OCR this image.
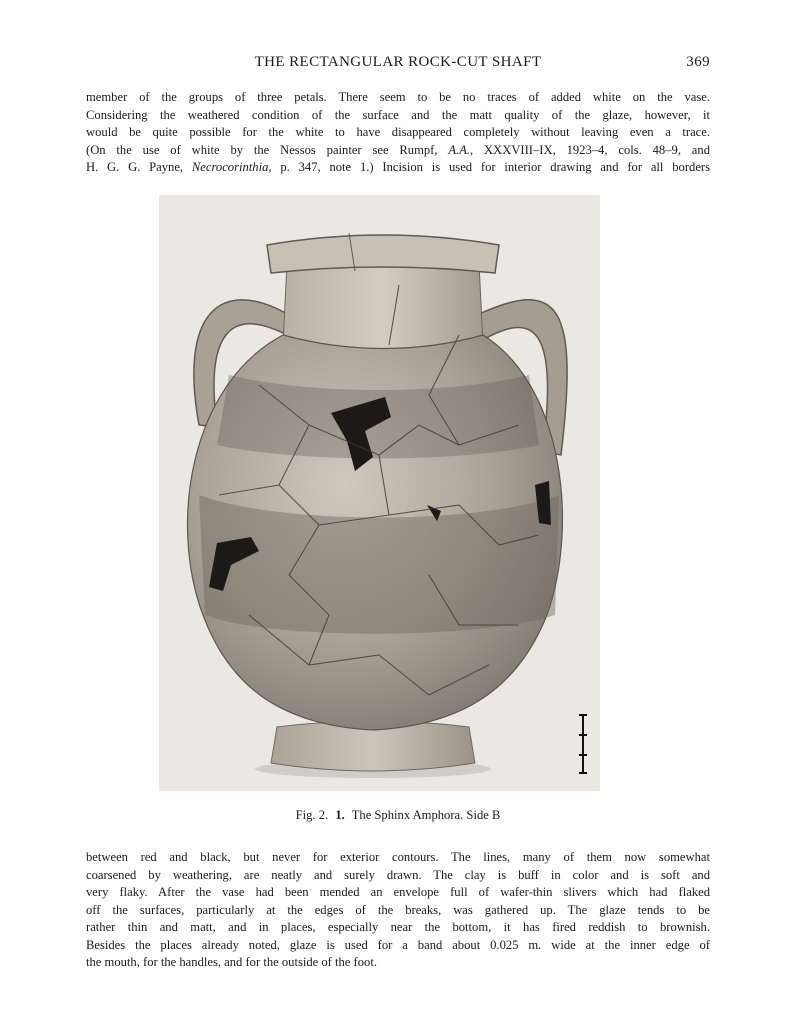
THE RECTANGULAR ROCK-CUT SHAFT	369
member of the groups of three petals. There seem to be no traces of added white on the vase.
Considering the weathered condition of the surface and the matt quality of the glaze, however, it
would be quite possible for the white to have disappeared completely without leaving even a trace.
(On the use of white by the Nessos painter see Rumpf, A.A., XXXVIII–IX, 1923–4, cols. 48–9, and
H. G. G. Payne, Necrocorinthia, p. 347, note 1.) Incision is used for interior drawing and for all borders
Fig. 2. 1. The Sphinx Amphora. Side B
between red and black, but never for exterior contours. The lines, many of them now somewhat
coarsened by weathering, are neatly and surely drawn. The clay is buff in color and is soft and
very flaky. After the vase had been mended an envelope full of wafer-thin slivers which had flaked
off the surfaces, particularly at the edges of the breaks, was gathered up. The glaze tends to be
rather thin and matt, and in places, especially near the bottom, it has fired reddish to brownish.
Besides the places already noted, glaze is used for a band about 0.025 m. wide at the inner edge of
the mouth, for the handles, and for the outside of the foot.
